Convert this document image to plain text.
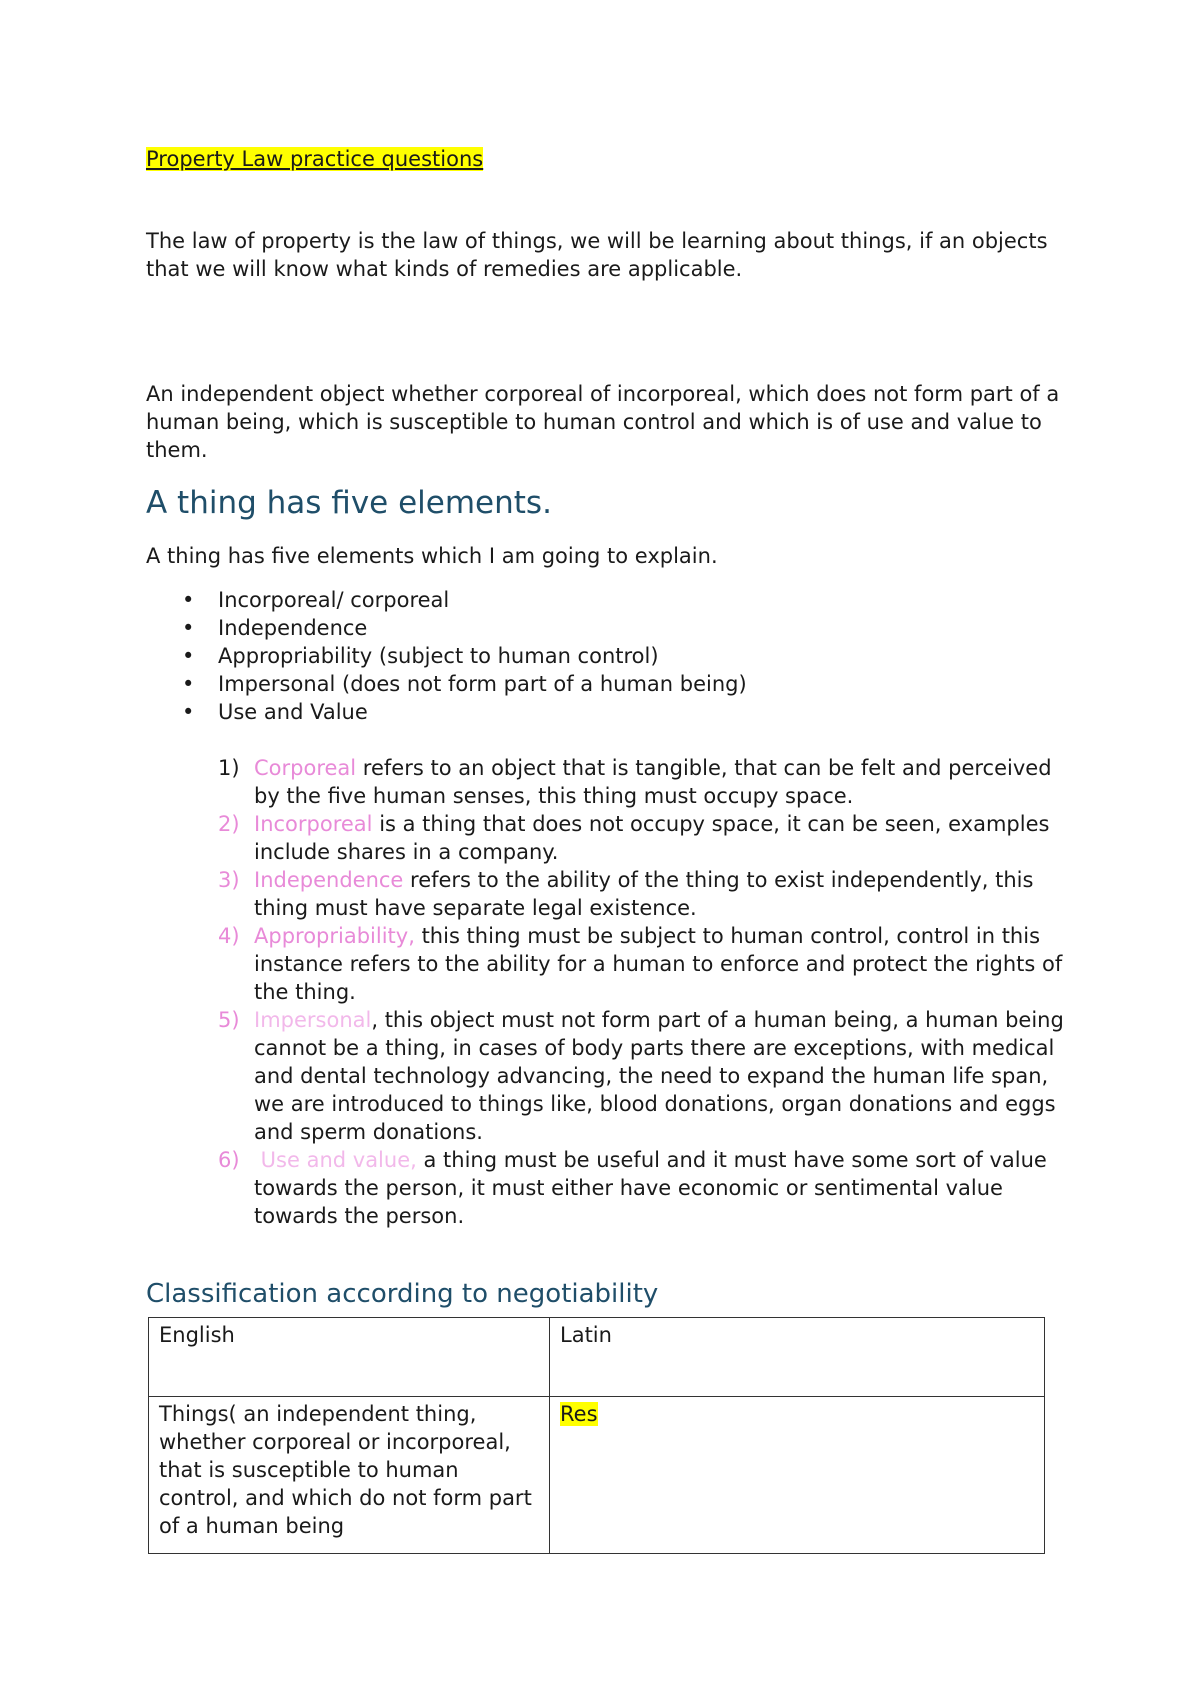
Property Law practice questions

The law of property is the law of things, we will be learning about things, if an objects that we will know what kinds of remedies are applicable.

An independent object whether corporeal of incorporeal, which does not form part of a human being, which is susceptible to human control and which is of use and value to them.

A thing has five elements.

A thing has five elements which I am going to explain.

• Incorporeal/ corporeal
• Independence
• Appropriability (subject to human control)
• Impersonal (does not form part of a human being)
• Use and Value
1) Corporeal refers to an object that is tangible, that can be felt and perceived by the five human senses, this thing must occupy space.
2) Incorporeal is a thing that does not occupy space, it can be seen, examples include shares in a company.
3) Independence refers to the ability of the thing to exist independently, this thing must have separate legal existence.
4) Appropriability, this thing must be subject to human control, control in this instance refers to the ability for a human to enforce and protect the rights of the thing.
5) Impersonal, this object must not form part of a human being, a human being cannot be a thing, in cases of body parts there are exceptions, with medical and dental technology advancing, the need to expand the human life span, we are introduced to things like, blood donations, organ donations and eggs and sperm donations.
6) Use and value, a thing must be useful and it must have some sort of value towards the person, it must either have economic or sentimental value towards the person.
Classification according to negotiability
English	Latin
Things( an independent thing, whether corporeal or incorporeal, that is susceptible to human control, and which do not form part of a human being	Res
